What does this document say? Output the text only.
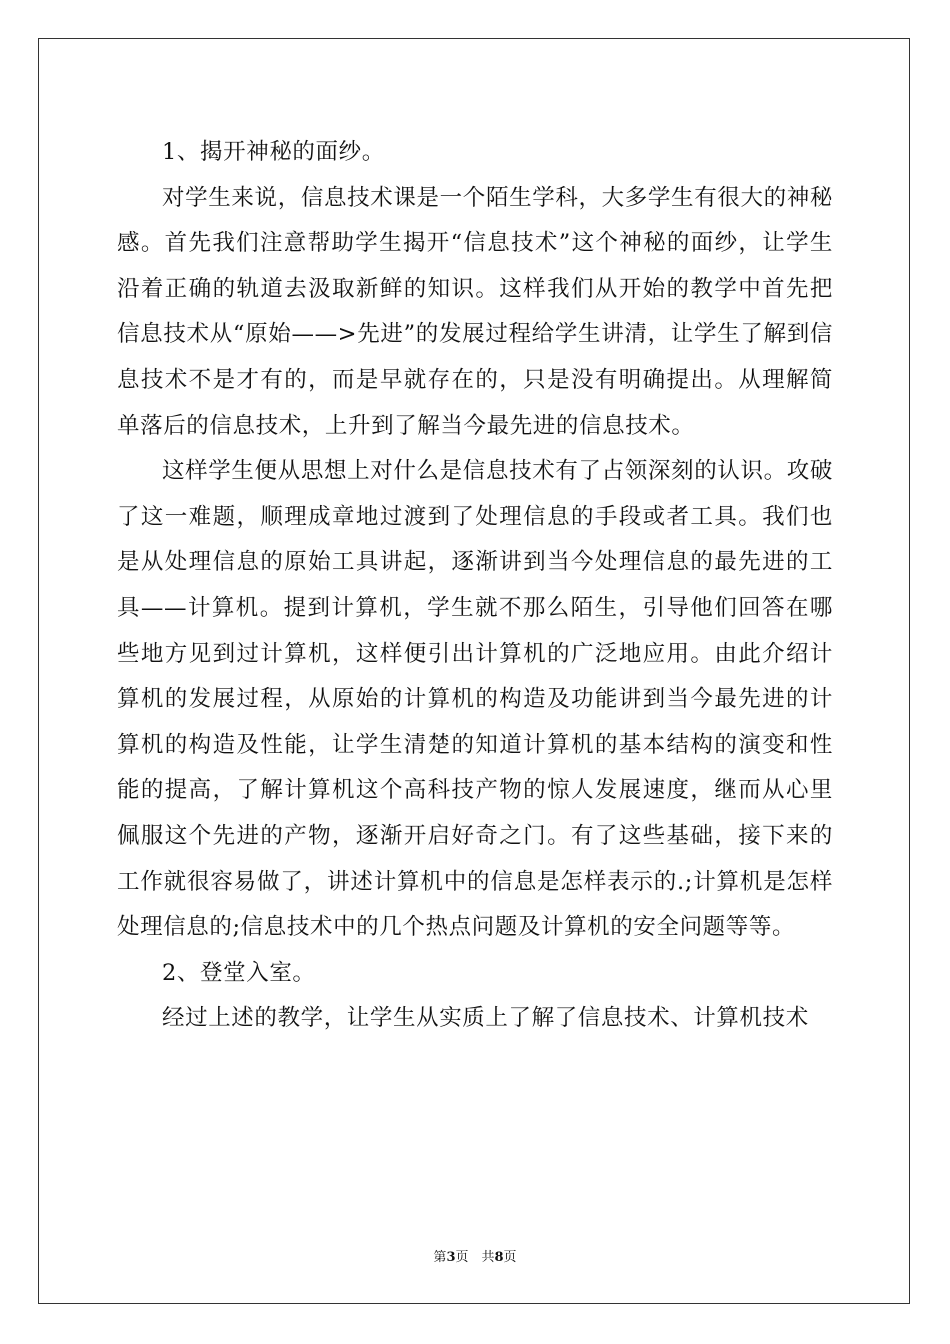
1、揭开神秘的面纱。

对学生来说，信息技术课是一个陌生学科，大多学生有很大的神秘感。首先我们注意帮助学生揭开“信息技术”这个神秘的面纱，让学生沿着正确的轨道去汲取新鲜的知识。这样我们从开始的教学中首先把信息技术从“原始——>先进”的发展过程给学生讲清，让学生了解到信息技术不是才有的，而是早就存在的，只是没有明确提出。从理解简单落后的信息技术，上升到了解当今最先进的信息技术。

这样学生便从思想上对什么是信息技术有了占领深刻的认识。攻破了这一难题，顺理成章地过渡到了处理信息的手段或者工具。我们也是从处理信息的原始工具讲起，逐渐讲到当今处理信息的最先进的工具——计算机。提到计算机，学生就不那么陌生，引导他们回答在哪些地方见到过计算机，这样便引出计算机的广泛地应用。由此介绍计算机的发展过程，从原始的计算机的构造及功能讲到当今最先进的计算机的构造及性能，让学生清楚的知道计算机的基本结构的演变和性能的提高，了解计算机这个高科技产物的惊人发展速度，继而从心里佩服这个先进的产物，逐渐开启好奇之门。有了这些基础，接下来的工作就很容易做了，讲述计算机中的信息是怎样表示的.;计算机是怎样处理信息的;信息技术中的几个热点问题及计算机的安全问题等等。

2、登堂入室。

经过上述的教学，让学生从实质上了解了信息技术、计算机技术

第3页　共8页
